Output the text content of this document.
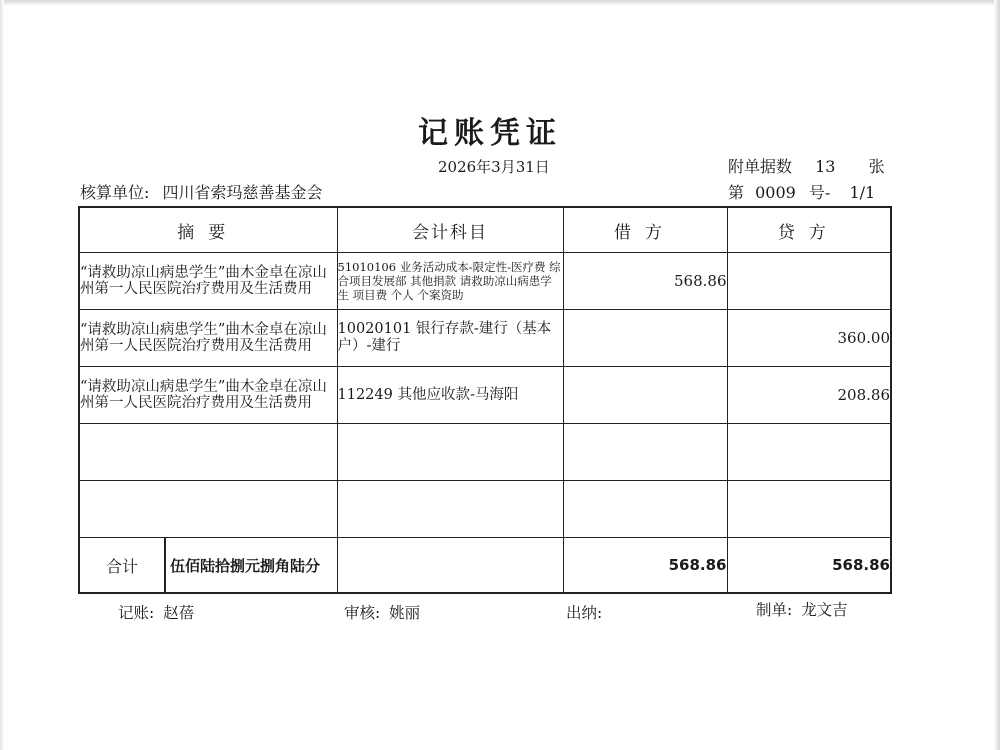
记账凭证
2026年3月31日	附单据数 13 张
核算单位: 四川省索玛慈善基金会	第 0009 号- 1/1
摘要	会计科目	借方	贷方
“请救助凉山病患学生”曲木金卓在凉山州第一人民医院治疗费用及生活费用	51010106 业务活动成本-限定性-医疗费 综合项目发展部 其他捐款 请救助凉山病患学生 项目费 个人 个案资助	568.86	
“请救助凉山病患学生”曲木金卓在凉山州第一人民医院治疗费用及生活费用	10020101 银行存款-建行（基本户）-建行		360.00
“请救助凉山病患学生”曲木金卓在凉山州第一人民医院治疗费用及生活费用	112249 其他应收款-马海阳		208.86

合计 伍佰陆拾捌元捌角陆分		568.86	568.86
记账: 赵蓓	审核: 姚丽	出纳:	制单: 龙文吉
